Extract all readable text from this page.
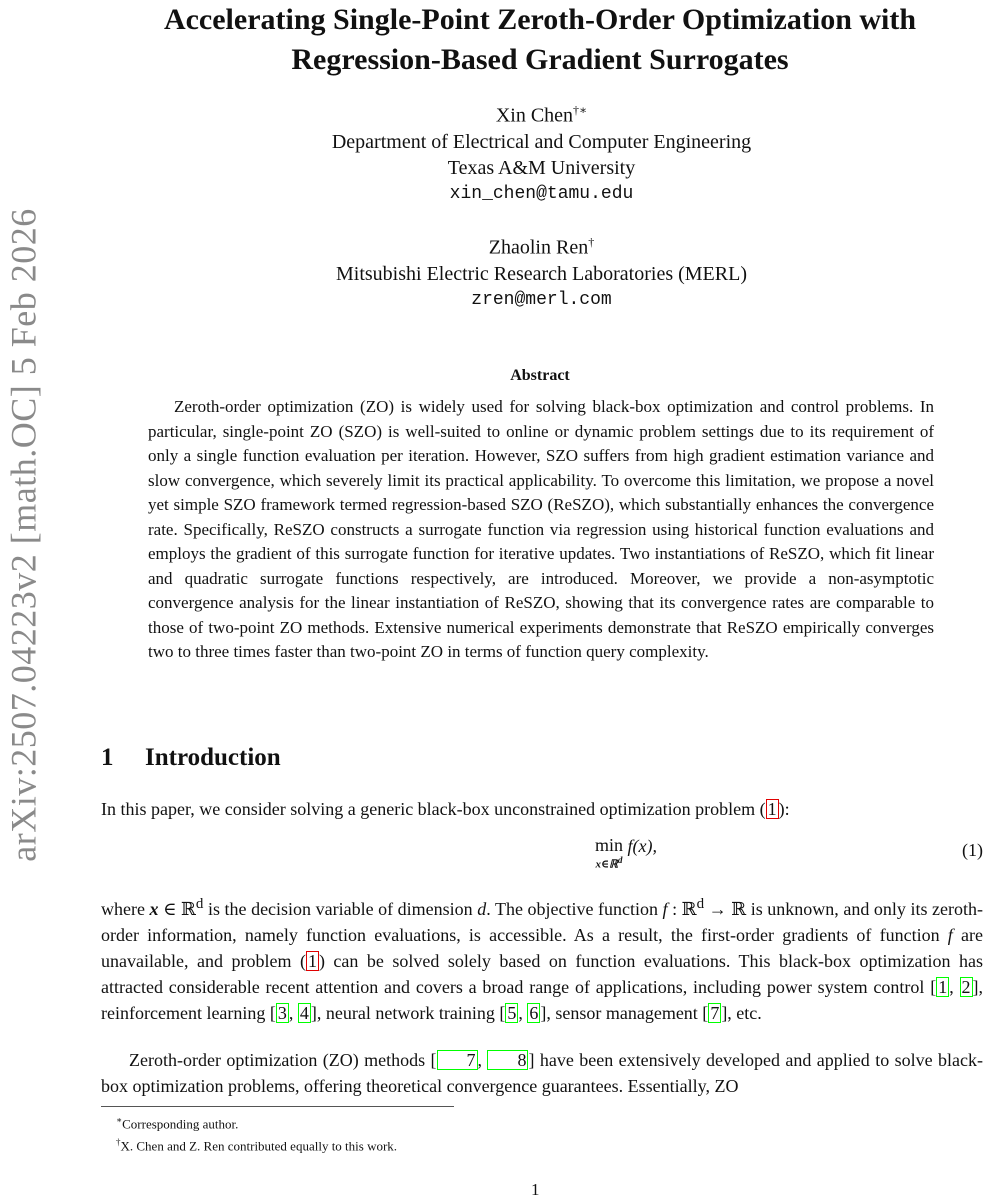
arXiv:2507.04223v2 [math.OC] 5 Feb 2026
Accelerating Single-Point Zeroth-Order Optimization with
Regression-Based Gradient Surrogates
Xin Chen†∗
Department of Electrical and Computer Engineering
Texas A&M University
xin_chen@tamu.edu
Zhaolin Ren†
Mitsubishi Electric Research Laboratories (MERL)
zren@merl.com
Abstract
Zeroth-order optimization (ZO) is widely used for solving black-box optimization and control problems. In particular, single-point ZO (SZO) is well-suited to online or dynamic problem settings due to its requirement of only a single function evaluation per iteration. However, SZO suffers from high gradient estimation variance and slow convergence, which severely limit its practical applicability. To overcome this limitation, we propose a novel yet simple SZO framework termed regression-based SZO (ReSZO), which substantially enhances the convergence rate. Specifically, ReSZO constructs a surrogate function via regression using historical function evaluations and employs the gradient of this surrogate function for iterative updates. Two instantiations of ReSZO, which fit linear and quadratic surrogate functions respectively, are introduced. Moreover, we provide a non-asymptotic convergence analysis for the linear instantiation of ReSZO, showing that its convergence rates are comparable to those of two-point ZO methods. Extensive numerical experiments demonstrate that ReSZO empirically converges two to three times faster than two-point ZO in terms of function query complexity.
1 Introduction
In this paper, we consider solving a generic black-box unconstrained optimization problem ( 1 ):
min
x∈ℝ$^d$
f(x),	(1)
where x ∈ ℝ$^d$ is the decision variable of dimension d. The objective function f : ℝ$^d$ → ℝ is unknown, and only its zeroth-order information, namely function evaluations, is accessible. As a result, the first-order gradients of function f are unavailable, and problem ( 1 ) can be solved solely based on function evaluations. This black-box optimization has attracted considerable recent attention and covers a broad range of applications, including power system control [ 1 , 2 ], reinforcement learning [ 3 , 4 ], neural network training [ 5 , 6 ], sensor management [ 7 ], etc.
Zeroth-order optimization (ZO) methods [ 7 , 8 ] have been extensively developed and applied to solve black-box optimization problems, offering theoretical convergence guarantees. Essentially, ZO
∗Corresponding author.
†X. Chen and Z. Ren contributed equally to this work.
1
